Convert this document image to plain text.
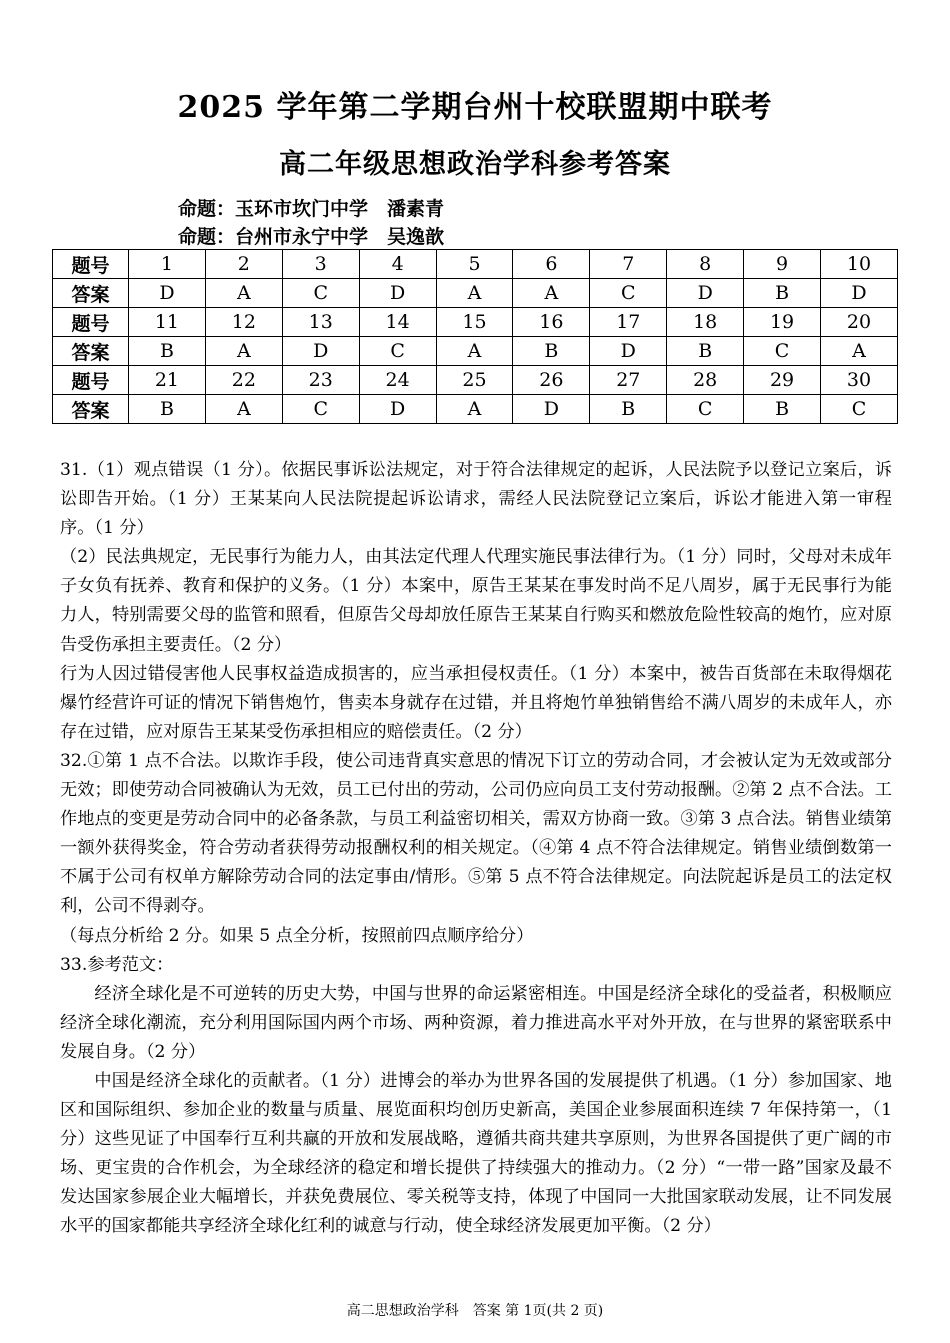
2025 学年第二学期台州十校联盟期中联考
高二年级思想政治学科参考答案
命题：玉环市坎门中学　潘素青
命题：台州市永宁中学　吴逸歆
题号	1	2	3	4	5	6	7	8	9	10
答案	D	A	C	D	A	A	C	D	B	D
题号	11	12	13	14	15	16	17	18	19	20
答案	B	A	D	C	A	B	D	B	C	A
题号	21	22	23	24	25	26	27	28	29	30
答案	B	A	C	D	A	D	B	C	B	C

31.（1）观点错误（1 分）。依据民事诉讼法规定，对于符合法律规定的起诉，人民法院予以登记立案后，诉讼即告开始。（1 分）王某某向人民法院提起诉讼请求，需经人民法院登记立案后，诉讼才能进入第一审程序。（1 分）

（2）民法典规定，无民事行为能力人，由其法定代理人代理实施民事法律行为。（1 分）同时，父母对未成年子女负有抚养、教育和保护的义务。（1 分）本案中，原告王某某在事发时尚不足八周岁，属于无民事行为能力人，特别需要父母的监管和照看，但原告父母却放任原告王某某自行购买和燃放危险性较高的炮竹，应对原告受伤承担主要责任。（2 分）

行为人因过错侵害他人民事权益造成损害的，应当承担侵权责任。（1 分）本案中，被告百货部在未取得烟花爆竹经营许可证的情况下销售炮竹，售卖本身就存在过错，并且将炮竹单独销售给不满八周岁的未成年人，亦存在过错，应对原告王某某受伤承担相应的赔偿责任。（2 分）

32.①第 1 点不合法。以欺诈手段，使公司违背真实意思的情况下订立的劳动合同，才会被认定为无效或部分无效；即使劳动合同被确认为无效，员工已付出的劳动，公司仍应向员工支付劳动报酬。②第 2 点不合法。工作地点的变更是劳动合同中的必备条款，与员工利益密切相关，需双方协商一致。③第 3 点合法。销售业绩第一额外获得奖金，符合劳动者获得劳动报酬权利的相关规定。（④第 4 点不符合法律规定。销售业绩倒数第一不属于公司有权单方解除劳动合同的法定事由/情形。⑤第 5 点不符合法律规定。向法院起诉是员工的法定权利，公司不得剥夺。

（每点分析给 2 分。如果 5 点全分析，按照前四点顺序给分）

33.参考范文：

经济全球化是不可逆转的历史大势，中国与世界的命运紧密相连。中国是经济全球化的受益者，积极顺应经济全球化潮流，充分利用国际国内两个市场、两种资源，着力推进高水平对外开放，在与世界的紧密联系中发展自身。（2 分）

中国是经济全球化的贡献者。（1 分）进博会的举办为世界各国的发展提供了机遇。（1 分）参加国家、地区和国际组织、参加企业的数量与质量、展览面积均创历史新高，美国企业参展面积连续 7 年保持第一，（1 分）这些见证了中国奉行互利共赢的开放和发展战略，遵循共商共建共享原则，为世界各国提供了更广阔的市场、更宝贵的合作机会，为全球经济的稳定和增长提供了持续强大的推动力。（2 分）“一带一路”国家及最不发达国家参展企业大幅增长，并获免费展位、零关税等支持，体现了中国同一大批国家联动发展，让不同发展水平的国家都能共享经济全球化红利的诚意与行动，使全球经济发展更加平衡。（2 分）

高二思想政治学科　答案 第 1页(共 2 页)
